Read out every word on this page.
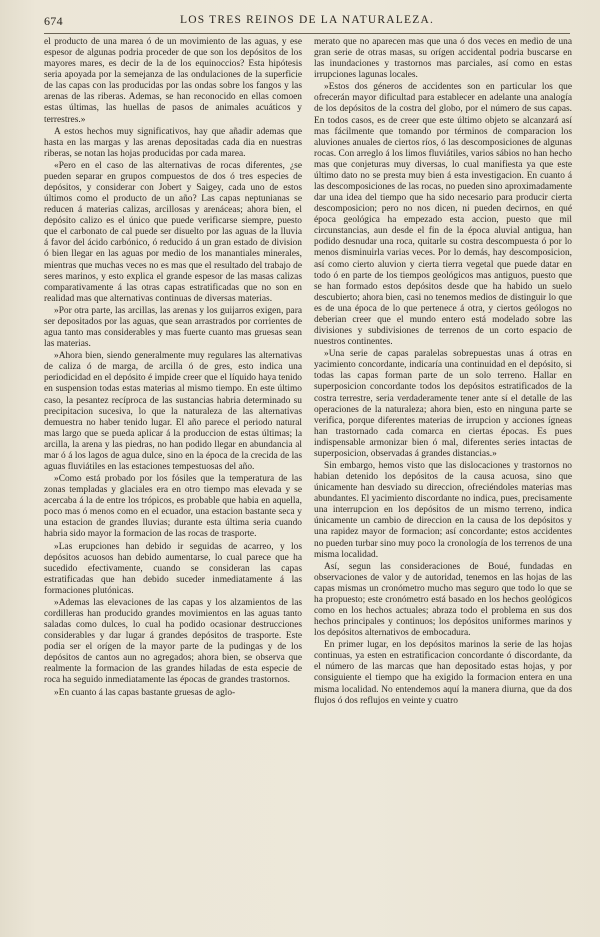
674	LOS TRES REINOS DE LA NATURALEZA.

el producto de una marea ó de un movimiento de las aguas, y ese espesor de algunas podria proceder de que son los depósitos de los mayores mares, es decir de la de los equinoccios? Esta hipótesis seria apoyada por la semejanza de las ondulaciones de la superficie de las capas con las producidas por las ondas sobre los fangos y las arenas de las riberas. Ademas, se han reconocido en ellas comoen estas últimas, las huellas de pasos de animales acuáticos y terrestres.»

A estos hechos muy significativos, hay que añadir ademas que hasta en las margas y las arenas depositadas cada dia en nuestras riberas, se notan las hojas producidas por cada marea.

«Pero en el caso de las alternativas de rocas diferentes, ¿se pueden separar en grupos compuestos de dos ó tres especies de depósitos, y considerar con Jobert y Saigey, cada uno de estos últimos como el producto de un año? Las capas neptunianas se reducen á materias calizas, arcillosas y arenáceas; ahora bien, el depósito calizo es el único que puede verificarse siempre, puesto que el carbonato de cal puede ser disuelto por las aguas de la lluvia á favor del ácido carbónico, ó reducido á un gran estado de division ó bien llegar en las aguas por medio de los manantiales minerales, mientras que muchas veces no es mas que el resultado del trabajo de seres marinos, y esto explica el grande espesor de las masas calizas comparativamente á las otras capas estratificadas que no son en realidad mas que alternativas continuas de diversas materias.

»Por otra parte, las arcillas, las arenas y los guijarros exigen, para ser depositados por las aguas, que sean arrastrados por corrientes de agua tanto mas considerables y mas fuerte cuanto mas gruesas sean las materias.

»Ahora bien, siendo generalmente muy regulares las alternativas de caliza ó de marga, de arcilla ó de gres, esto indica una periodicidad en el depósito é impide creer que el líquido haya tenido en suspension todas estas materias al mismo tiempo. En este último caso, la pesantez recíproca de las sustancias habria determinado su precipitacion sucesiva, lo que la naturaleza de las alternativas demuestra no haber tenido lugar. El año parece el periodo natural mas largo que se pueda aplicar á la produccion de estas últimas; la arcilla, la arena y las piedras, no han podido llegar en abundancia al mar ó á los lagos de agua dulce, sino en la época de la crecida de las aguas fluviátiles en las estaciones tempestuosas del año.

»Como está probado por los fósiles que la temperatura de las zonas templadas y glaciales era en otro tiempo mas elevada y se acercaba á la de entre los trópicos, es probable que habia en aquella, poco mas ó menos como en el ecuador, una estacion bastante seca y una estacion de grandes lluvias; durante esta última seria cuando habria sido mayor la formacion de las rocas de trasporte.

»Las erupciones han debido ir seguidas de acarreo, y los depósitos acuosos han debido aumentarse, lo cual parece que ha sucedido efectivamente, cuando se consideran las capas estratificadas que han debido suceder inmediatamente á las formaciones plutónicas.

»Ademas las elevaciones de las capas y los alzamientos de las cordilleras han producido grandes movimientos en las aguas tanto saladas como dulces, lo cual ha podido ocasionar destrucciones considerables y dar lugar á grandes depósitos de trasporte. Este podia ser el orígen de la mayor parte de la pudingas y de los depósitos de cantos aun no agregados; ahora bien, se observa que realmente la formacion de las grandes hiladas de esta especie de roca ha seguido inmediatamente las épocas de grandes trastornos.

»En cuanto á las capas bastante gruesas de aglo-

merato que no aparecen mas que una ó dos veces en medio de una gran serie de otras masas, su orígen accidental podria buscarse en las inundaciones y trastornos mas parciales, así como en estas irrupciones lagunas locales.

»Estos dos géneros de accidentes son en particular los que ofrecerán mayor dificultad para establecer en adelante una analogía de los depósitos de la costra del globo, por el número de sus capas. En todos casos, es de creer que este último objeto se alcanzará así mas fácilmente que tomando por términos de comparacion los aluviones anuales de ciertos ríos, ó las descomposiciones de algunas rocas. Con arreglo á los limos fluviátiles, varios sábios no han hecho mas que conjeturas muy diversas, lo cual manifiesta ya que este último dato no se presta muy bien á esta investigacion. En cuanto á las descomposiciones de las rocas, no pueden sino aproximadamente dar una idea del tiempo que ha sido necesario para producir cierta descomposicion; pero no nos dicen, ni pueden decirnos, en qué época geológica ha empezado esta accion, puesto que mil circunstancias, aun desde el fin de la época aluvial antigua, han podido desnudar una roca, quitarle su costra descompuesta ó por lo menos disminuirla varias veces. Por lo demás, hay descomposicion, así como cierto aluvion y cierta tierra vegetal que puede datar en todo ó en parte de los tiempos geológicos mas antiguos, puesto que se han formado estos depósitos desde que ha habido un suelo descubierto; ahora bien, casi no tenemos medios de distinguir lo que es de una época de lo que pertenece á otra, y ciertos geólogos no deberian creer que el mundo entero está modelado sobre las divisiones y subdivisiones de terrenos de un corto espacio de nuestros continentes.

»Una serie de capas paralelas sobrepuestas unas á otras en yacimiento concordante, indicaría una continuidad en el depósito, si todas las capas forman parte de un solo terreno. Hallar en superposicion concordante todos los depósitos estratificados de la costra terrestre, seria verdaderamente tener ante sí el detalle de las operaciones de la naturaleza; ahora bien, esto en ninguna parte se verifica, porque diferentes materias de irrupcion y acciones ígneas han trastornado cada comarca en ciertas épocas. Es pues indispensable armonizar bien ó mal, diferentes series intactas de superposicion, observadas á grandes distancias.»

Sin embargo, hemos visto que las dislocaciones y trastornos no habian detenido los depósitos de la causa acuosa, sino que únicamente han desviado su direccion, ofreciéndoles materias mas abundantes. El yacimiento discordante no indica, pues, precisamente una interrupcion en los depósitos de un mismo terreno, indica únicamente un cambio de direccion en la causa de los depósitos y una rapidez mayor de formacion; así concordante; estos accidentes no pueden turbar sino muy poco la cronología de los terrenos de una misma localidad.

Así, segun las consideraciones de Boué, fundadas en observaciones de valor y de autoridad, tenemos en las hojas de las capas mismas un cronómetro mucho mas seguro que todo lo que se ha propuesto; este cronómetro está basado en los hechos geológicos como en los hechos actuales; abraza todo el problema en sus dos hechos principales y continuos; los depósitos uniformes marinos y los depósitos alternativos de embocadura.

En primer lugar, en los depósitos marinos la serie de las hojas continuas, ya esten en estratificacion concordante ó discordante, da el número de las marcas que han depositado estas hojas, y por consiguiente el tiempo que ha exigido la formacion entera en una misma localidad. No entendemos aquí la manera diurna, que da dos flujos ó dos reflujos en veinte y cuatro
